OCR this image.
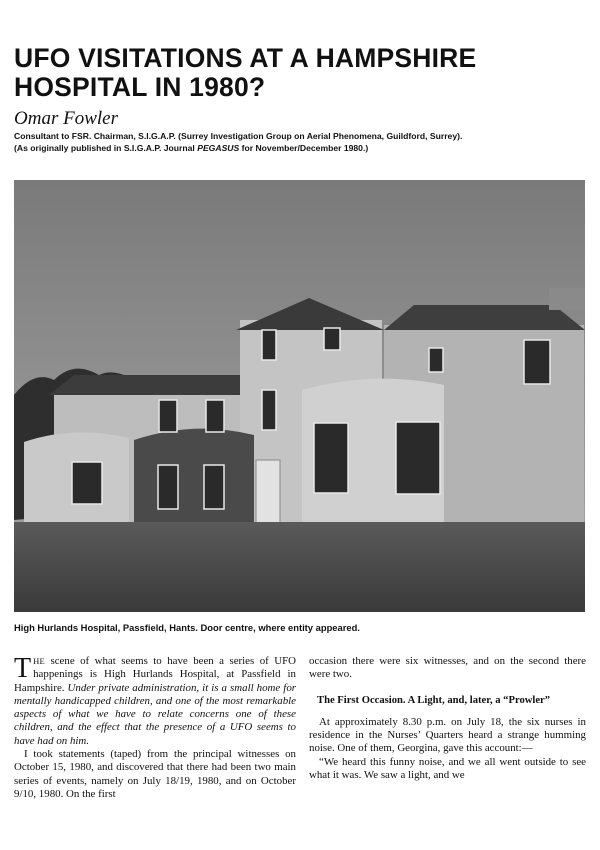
UFO VISITATIONS AT A HAMPSHIRE HOSPITAL IN 1980?
Omar Fowler
Consultant to FSR. Chairman, S.I.G.A.P. (Surrey Investigation Group on Aerial Phenomena, Guildford, Surrey).
(As originally published in S.I.G.A.P. Journal PEGASUS for November/December 1980.)
High Hurlands Hospital, Passfield, Hants. Door centre, where entity appeared.

THE scene of what seems to have been a series of UFO happenings is High Hurlands Hospital, at Passfield in Hampshire. Under private administration, it is a small home for mentally handicapped children, and one of the most remarkable aspects of what we have to relate concerns one of these children, and the effect that the presence of a UFO seems to have had on him.

I took statements (taped) from the principal witnesses on October 15, 1980, and discovered that there had been two main series of events, namely on July 18/19, 1980, and on October 9/10, 1980. On the first

occasion there were six witnesses, and on the second there were two.

The First Occasion. A Light, and, later, a “Prowler”

At approximately 8.30 p.m. on July 18, the six nurses in residence in the Nurses’ Quarters heard a strange humming noise. One of them, Georgina, gave this account:—

“We heard this funny noise, and we all went outside to see what it was. We saw a light, and we
